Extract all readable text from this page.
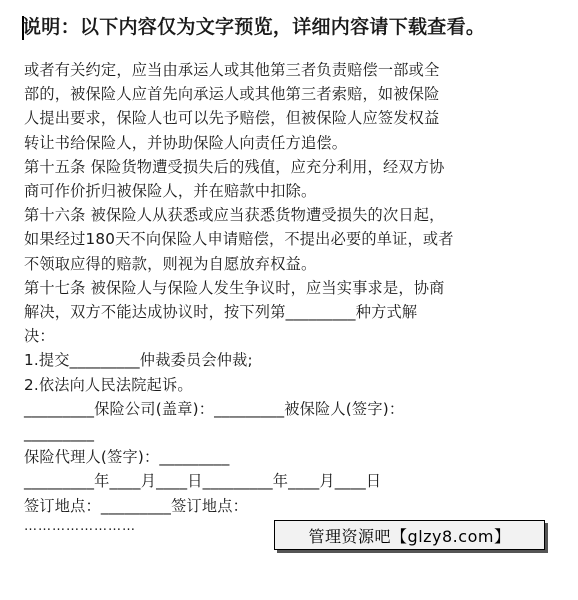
说明：以下内容仅为文字预览，详细内容请下载查看。
或者有关约定，应当由承运人或其他第三者负责赔偿一部或全
部的，被保险人应首先向承运人或其他第三者索赔，如被保险
人提出要求，保险人也可以先予赔偿，但被保险人应签发权益
转让书给保险人，并协助保险人向责任方追偿。
第十五条 保险货物遭受损失后的残值，应充分利用，经双方协
商可作价折归被保险人，并在赔款中扣除。
第十六条 被保险人从获悉或应当获悉货物遭受损失的次日起，
如果经过180天不向保险人申请赔偿，不提出必要的单证，或者
不领取应得的赔款，则视为自愿放弃权益。
第十七条 被保险人与保险人发生争议时，应当实事求是，协商
解决，双方不能达成协议时，按下列第_________种方式解
决：
1.提交_________仲裁委员会仲裁;
2.依法向人民法院起诉。
_________保险公司(盖章)：_________被保险人(签字)：
_________
保险代理人(签字)：_________
_________年____月____日_________年____月____日
签订地点：_________签订地点：
……………………
管理资源吧【glzy8.com】
